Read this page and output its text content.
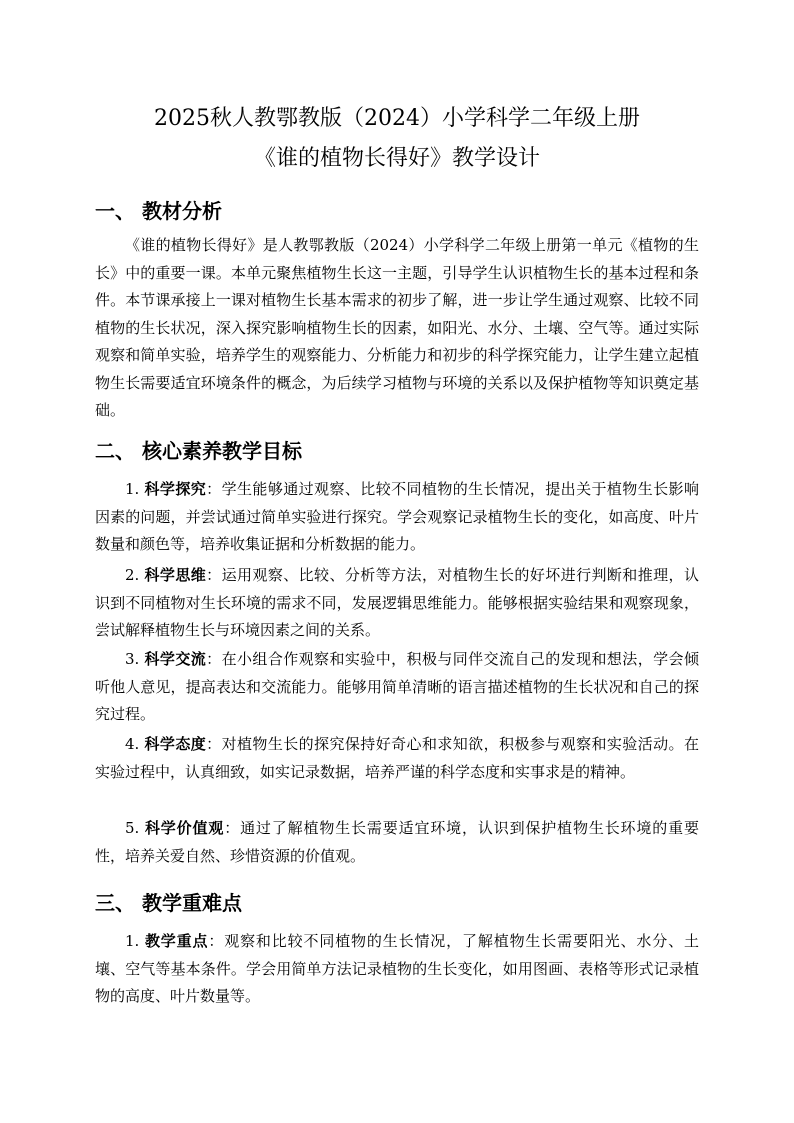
2025秋人教鄂教版（2024）小学科学二年级上册
《谁的植物长得好》教学设计
一、 教材分析
《谁的植物长得好》是人教鄂教版（2024）小学科学二年级上册第一单元《植物的生长》中的重要一课。本单元聚焦植物生长这一主题，引导学生认识植物生长的基本过程和条件。本节课承接上一课对植物生长基本需求的初步了解，进一步让学生通过观察、比较不同植物的生长状况，深入探究影响植物生长的因素，如阳光、水分、土壤、空气等。通过实际观察和简单实验，培养学生的观察能力、分析能力和初步的科学探究能力，让学生建立起植物生长需要适宜环境条件的概念，为后续学习植物与环境的关系以及保护植物等知识奠定基础。
二、 核心素养教学目标
1. 科学探究：学生能够通过观察、比较不同植物的生长情况，提出关于植物生长影响因素的问题，并尝试通过简单实验进行探究。学会观察记录植物生长的变化，如高度、叶片数量和颜色等，培养收集证据和分析数据的能力。
2. 科学思维：运用观察、比较、分析等方法，对植物生长的好坏进行判断和推理，认识到不同植物对生长环境的需求不同，发展逻辑思维能力。能够根据实验结果和观察现象，尝试解释植物生长与环境因素之间的关系。
3. 科学交流：在小组合作观察和实验中，积极与同伴交流自己的发现和想法，学会倾听他人意见，提高表达和交流能力。能够用简单清晰的语言描述植物的生长状况和自己的探究过程。
4. 科学态度：对植物生长的探究保持好奇心和求知欲，积极参与观察和实验活动。在实验过程中，认真细致，如实记录数据，培养严谨的科学态度和实事求是的精神。
5. 科学价值观：通过了解植物生长需要适宜环境，认识到保护植物生长环境的重要性，培养关爱自然、珍惜资源的价值观。
三、 教学重难点
1. 教学重点：观察和比较不同植物的生长情况，了解植物生长需要阳光、水分、土壤、空气等基本条件。学会用简单方法记录植物的生长变化，如用图画、表格等形式记录植物的高度、叶片数量等。
